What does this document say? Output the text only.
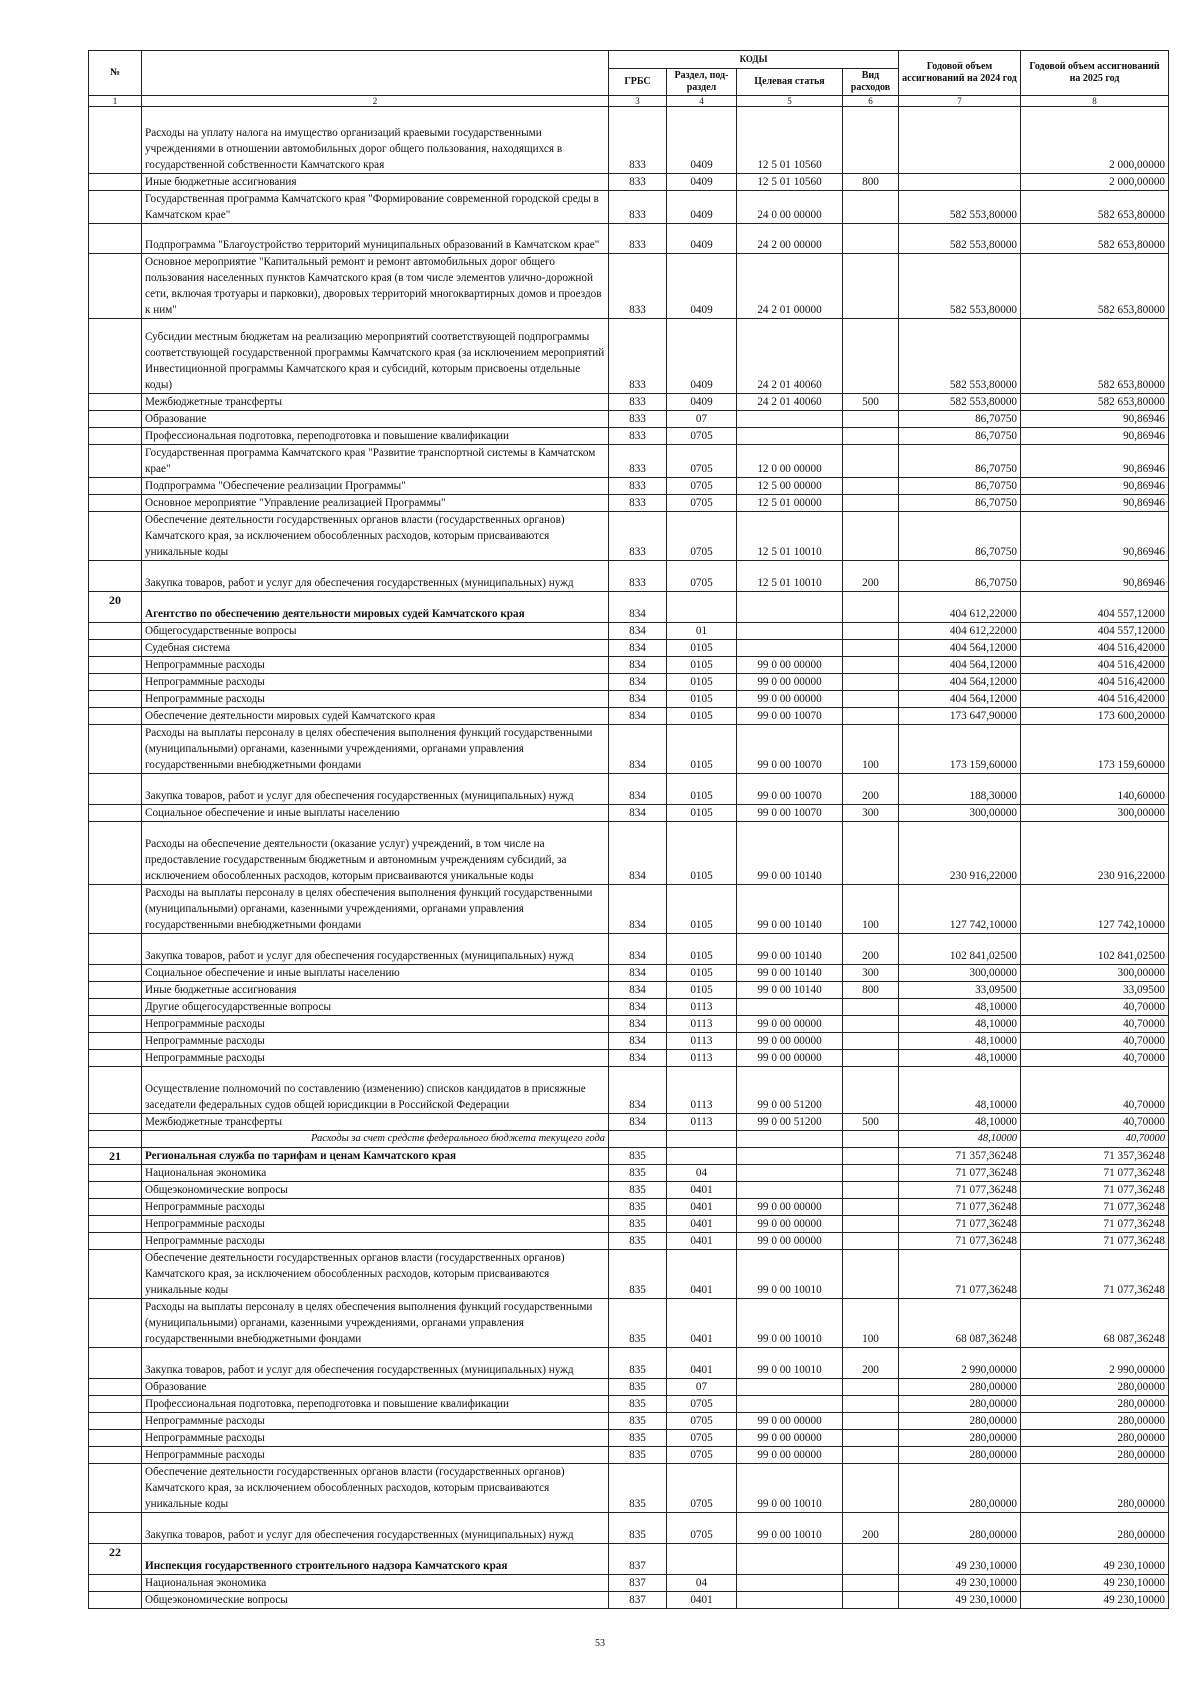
№		КОДЫ				Годовой объем ассигнований на 2024 год	Годовой объем ассигнований на 2025 год
		ГРБС	Раздел, под-раздел	Целевая статья	Вид расходов		
1	2	3	4	5	6	7	8
	Расходы на уплату налога на имущество организаций краевыми государственными учреждениями в отношении автомобильных дорог общего пользования, находящихся в государственной собственности Камчатского края	833	0409	12 5 01 10560			2 000,00000
	Иные бюджетные ассигнования	833	0409	12 5 01 10560	800		2 000,00000
	Государственная программа Камчатского края "Формирование современной городской среды в Камчатском крае"	833	0409	24 0 00 00000		582 553,80000	582 653,80000
	Подпрограмма "Благоустройство территорий муниципальных образований в Камчатском крае"	833	0409	24 2 00 00000		582 553,80000	582 653,80000
	Основное мероприятие "Капитальный ремонт и ремонт автомобильных дорог общего пользования населенных пунктов Камчатского края (в том числе элементов улично-дорожной сети, включая тротуары и парковки), дворовых территорий многоквартирных домов и проездов к ним"	833	0409	24 2 01 00000		582 553,80000	582 653,80000
	Субсидии местным бюджетам на реализацию мероприятий соответствующей подпрограммы соответствующей государственной программы Камчатского края (за исключением мероприятий Инвестиционной программы Камчатского края и субсидий, которым присвоены отдельные коды)	833	0409	24 2 01 40060		582 553,80000	582 653,80000
	Межбюджетные трансферты	833	0409	24 2 01 40060	500	582 553,80000	582 653,80000
	Образование	833	07			86,70750	90,86946
	Профессиональная подготовка, переподготовка и повышение квалификации	833	0705			86,70750	90,86946
	Государственная программа Камчатского края "Развитие транспортной системы в Камчатском крае"	833	0705	12 0 00 00000		86,70750	90,86946
	Подпрограмма "Обеспечение реализации Программы"	833	0705	12 5 00 00000		86,70750	90,86946
	Основное мероприятие "Управление реализацией Программы"	833	0705	12 5 01 00000		86,70750	90,86946
	Обеспечение деятельности государственных органов власти (государственных органов) Камчатского края, за исключением обособленных расходов, которым присваиваются уникальные коды	833	0705	12 5 01 10010		86,70750	90,86946
	Закупка товаров, работ и услуг для обеспечения государственных (муниципальных) нужд	833	0705	12 5 01 10010	200	86,70750	90,86946
20	Агентство по обеспечению деятельности мировых судей Камчатского края	834				404 612,22000	404 557,12000
	Общегосударственные вопросы	834	01			404 612,22000	404 557,12000
	Судебная система	834	0105			404 564,12000	404 516,42000
	Непрограммные расходы	834	0105	99 0 00 00000		404 564,12000	404 516,42000
	Непрограммные расходы	834	0105	99 0 00 00000		404 564,12000	404 516,42000
	Непрограммные расходы	834	0105	99 0 00 00000		404 564,12000	404 516,42000
	Обеспечение деятельности мировых судей Камчатского края	834	0105	99 0 00 10070		173 647,90000	173 600,20000
	Расходы на выплаты персоналу в целях обеспечения выполнения функций государственными (муниципальными) органами, казенными учреждениями, органами управления государственными внебюджетными фондами	834	0105	99 0 00 10070	100	173 159,60000	173 159,60000
	Закупка товаров, работ и услуг для обеспечения государственных (муниципальных) нужд	834	0105	99 0 00 10070	200	188,30000	140,60000
	Социальное обеспечение и иные выплаты населению	834	0105	99 0 00 10070	300	300,00000	300,00000
	Расходы на обеспечение деятельности (оказание услуг) учреждений, в том числе на предоставление государственным бюджетным и автономным учреждениям субсидий, за исключением обособленных расходов, которым присваиваются уникальные коды	834	0105	99 0 00 10140		230 916,22000	230 916,22000
	Расходы на выплаты персоналу в целях обеспечения выполнения функций государственными (муниципальными) органами, казенными учреждениями, органами управления государственными внебюджетными фондами	834	0105	99 0 00 10140	100	127 742,10000	127 742,10000
	Закупка товаров, работ и услуг для обеспечения государственных (муниципальных) нужд	834	0105	99 0 00 10140	200	102 841,02500	102 841,02500
	Социальное обеспечение и иные выплаты населению	834	0105	99 0 00 10140	300	300,00000	300,00000
	Иные бюджетные ассигнования	834	0105	99 0 00 10140	800	33,09500	33,09500
	Другие общегосударственные вопросы	834	0113			48,10000	40,70000
	Непрограммные расходы	834	0113	99 0 00 00000		48,10000	40,70000
	Непрограммные расходы	834	0113	99 0 00 00000		48,10000	40,70000
	Непрограммные расходы	834	0113	99 0 00 00000		48,10000	40,70000
	Осуществление полномочий по составлению (изменению) списков кандидатов в присяжные заседатели федеральных судов общей юрисдикции в Российской Федерации	834	0113	99 0 00 51200		48,10000	40,70000
	Межбюджетные трансферты	834	0113	99 0 00 51200	500	48,10000	40,70000
	Расходы за счет средств федерального бюджета текущего года					48,10000	40,70000
21	Региональная служба по тарифам и ценам Камчатского края	835				71 357,36248	71 357,36248
	Национальная экономика	835	04			71 077,36248	71 077,36248
	Общеэкономические вопросы	835	0401			71 077,36248	71 077,36248
	Непрограммные расходы	835	0401	99 0 00 00000		71 077,36248	71 077,36248
	Непрограммные расходы	835	0401	99 0 00 00000		71 077,36248	71 077,36248
	Непрограммные расходы	835	0401	99 0 00 00000		71 077,36248	71 077,36248
	Обеспечение деятельности государственных органов власти (государственных органов) Камчатского края, за исключением обособленных расходов, которым присваиваются уникальные коды	835	0401	99 0 00 10010		71 077,36248	71 077,36248
	Расходы на выплаты персоналу в целях обеспечения выполнения функций государственными (муниципальными) органами, казенными учреждениями, органами управления государственными внебюджетными фондами	835	0401	99 0 00 10010	100	68 087,36248	68 087,36248
	Закупка товаров, работ и услуг для обеспечения государственных (муниципальных) нужд	835	0401	99 0 00 10010	200	2 990,00000	2 990,00000
	Образование	835	07			280,00000	280,00000
	Профессиональная подготовка, переподготовка и повышение квалификации	835	0705			280,00000	280,00000
	Непрограммные расходы	835	0705	99 0 00 00000		280,00000	280,00000
	Непрограммные расходы	835	0705	99 0 00 00000		280,00000	280,00000
	Непрограммные расходы	835	0705	99 0 00 00000		280,00000	280,00000
	Обеспечение деятельности государственных органов власти (государственных органов) Камчатского края, за исключением обособленных расходов, которым присваиваются уникальные коды	835	0705	99 0 00 10010		280,00000	280,00000
	Закупка товаров, работ и услуг для обеспечения государственных (муниципальных) нужд	835	0705	99 0 00 10010	200	280,00000	280,00000
22	Инспекция государственного строительного надзора Камчатского края	837				49 230,10000	49 230,10000
	Национальная экономика	837	04			49 230,10000	49 230,10000
	Общеэкономические вопросы	837	0401			49 230,10000	49 230,10000
53
